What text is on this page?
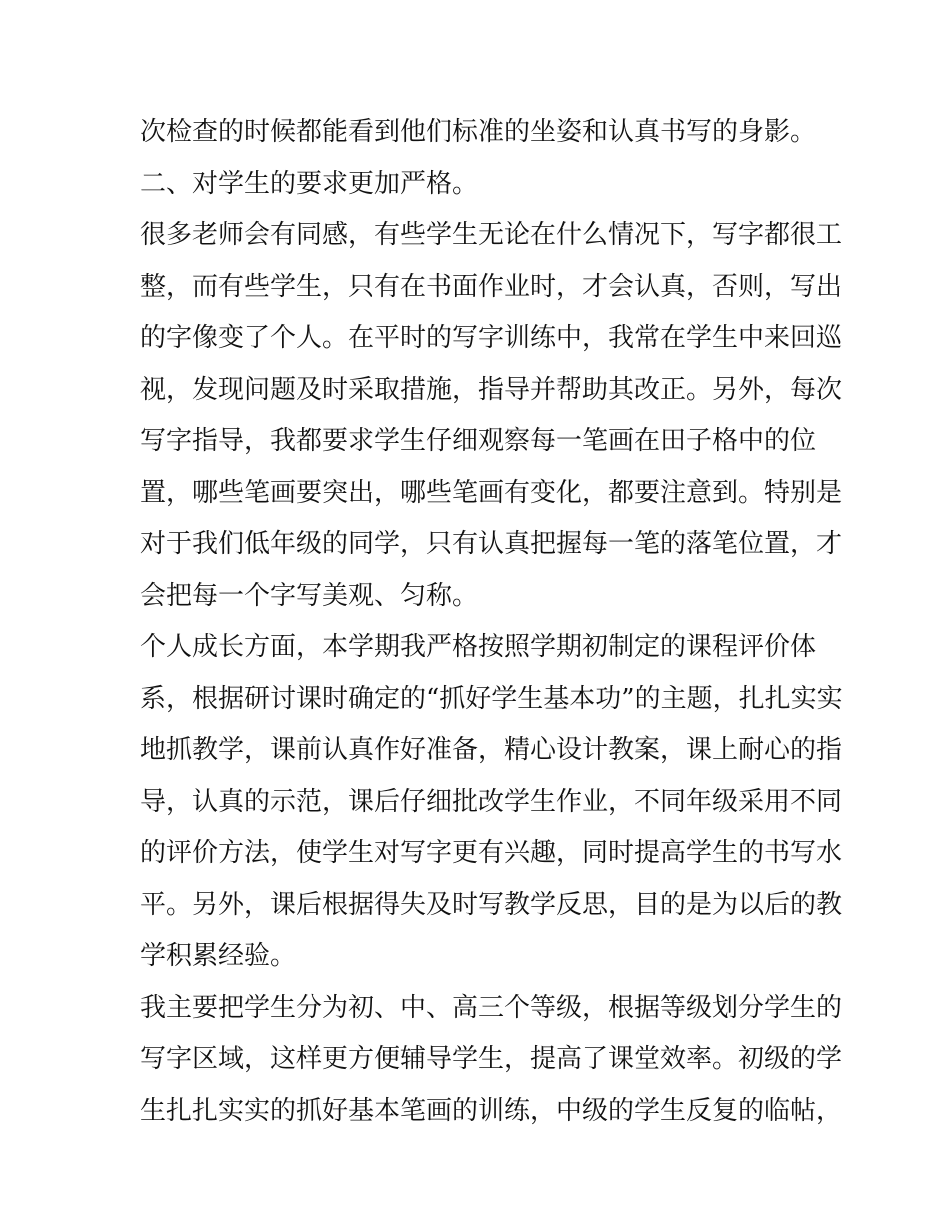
次检查的时候都能看到他们标准的坐姿和认真书写的身影。
二、对学生的要求更加严格。
很多老师会有同感，有些学生无论在什么情况下，写字都很工
整，而有些学生，只有在书面作业时，才会认真，否则，写出
的字像变了个人。在平时的写字训练中，我常在学生中来回巡
视，发现问题及时采取措施，指导并帮助其改正。另外，每次
写字指导，我都要求学生仔细观察每一笔画在田子格中的位
置，哪些笔画要突出，哪些笔画有变化，都要注意到。特别是
对于我们低年级的同学，只有认真把握每一笔的落笔位置，才
会把每一个字写美观、匀称。
个人成长方面，本学期我严格按照学期初制定的课程评价体
系，根据研讨课时确定的“抓好学生基本功”的主题，扎扎实实
地抓教学，课前认真作好准备，精心设计教案，课上耐心的指
导，认真的示范，课后仔细批改学生作业，不同年级采用不同
的评价方法，使学生对写字更有兴趣，同时提高学生的书写水
平。另外，课后根据得失及时写教学反思，目的是为以后的教
学积累经验。
我主要把学生分为初、中、高三个等级，根据等级划分学生的
写字区域，这样更方便辅导学生，提高了课堂效率。初级的学
生扎扎实实的抓好基本笔画的训练，中级的学生反复的临帖，
